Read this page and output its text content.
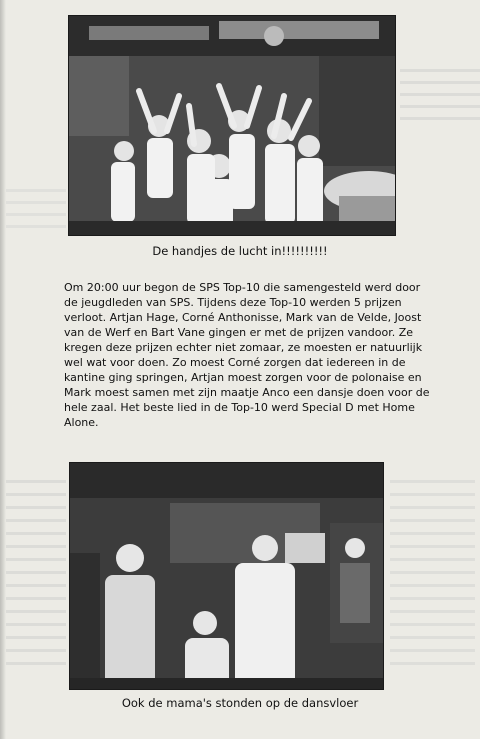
De handjes de lucht in!!!!!!!!!!

Om 20:00 uur begon de SPS Top-10 die samengesteld werd door de jeugdleden van SPS. Tijdens deze Top-10 werden 5 prijzen verloot. Artjan Hage, Corné Anthonisse, Mark van de Velde, Joost van de Werf en Bart Vane gingen er met de prijzen vandoor. Ze kregen deze prijzen echter niet zomaar, ze moesten er natuurlijk wel wat voor doen. Zo moest Corné zorgen dat iedereen in de kantine ging springen, Artjan moest zorgen voor de polonaise en Mark moest samen met zijn maatje Anco een dansje doen voor de hele zaal. Het beste lied in de Top-10 werd Special D met Home Alone.

Ook de mama's stonden op de dansvloer
